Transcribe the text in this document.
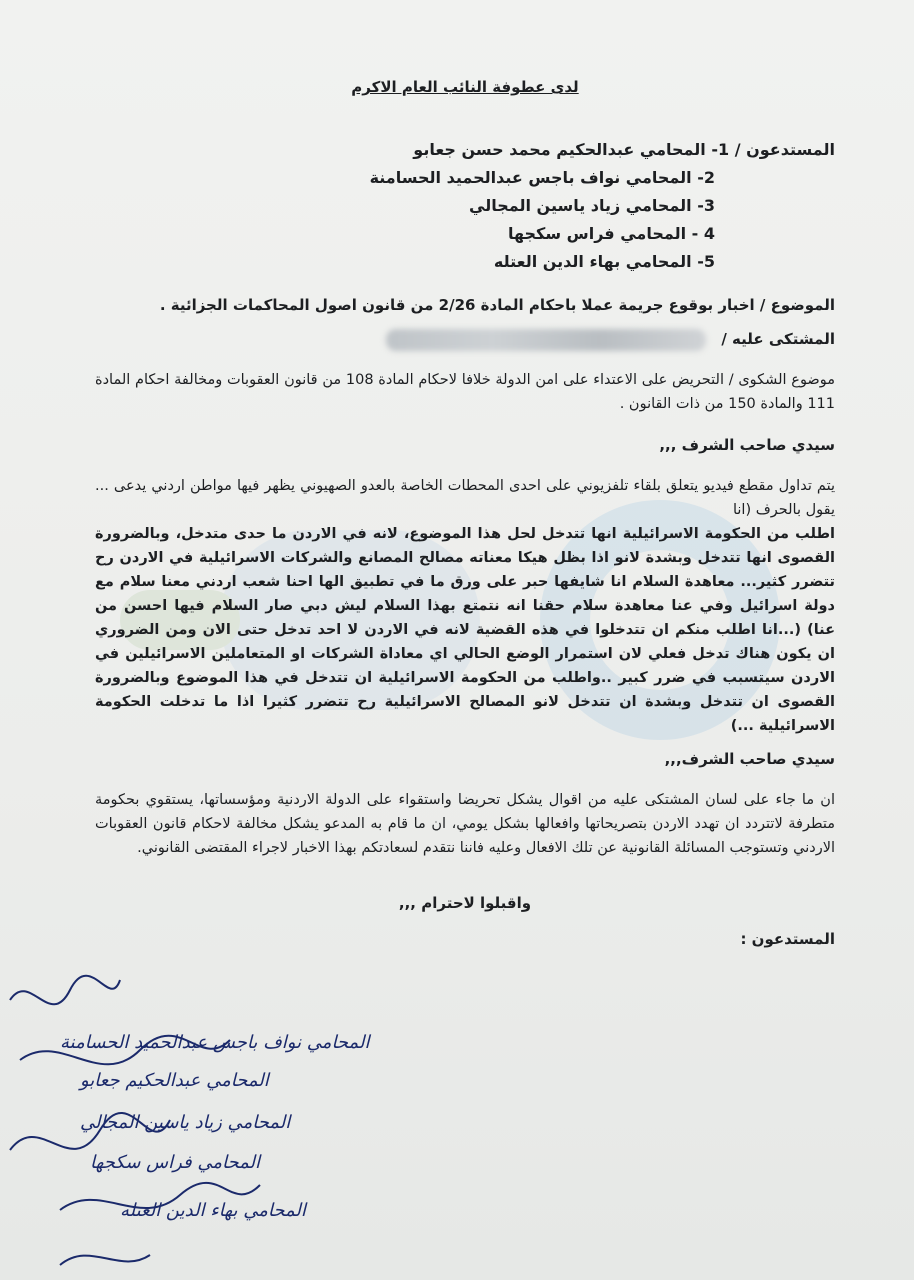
لدى عطوفة النائب العام الاكرم
المستدعون / 1- المحامي عبدالحكيم محمد حسن جعابو
2- المحامي نواف باجس عبدالحميد الحسامنة
3- المحامي زياد ياسين المجالي
4 - المحامي فراس سكجها
5- المحامي بهاء الدين العتله
الموضوع / اخبار بوقوع جريمة عملا باحكام المادة 2/26 من قانون اصول المحاكمات الجزائية .
المشتكى عليه /
موضوع الشكوى / التحريض على الاعتداء على امن الدولة خلافا لاحكام المادة 108 من قانون العقوبات ومخالفة احكام المادة 111 والمادة 150 من ذات القانون .
سيدي صاحب الشرف ,,,
يتم تداول مقطع فيديو يتعلق بلقاء تلفزيوني على احدى المحطات الخاصة بالعدو الصهيوني يظهر فيها مواطن اردني يدعى ... يقول بالحرف (انا
اطلب من الحكومة الاسرائيلية انها تتدخل لحل هذا الموضوع، لانه في الاردن ما حدى متدخل، وبالضرورة القصوى انها تتدخل وبشدة لانو اذا بظل هيكا معناته مصالح المصانع والشركات الاسرائيلية في الاردن رح تتضرر كثير... معاهدة السلام انا شايفها حبر على ورق ما في تطبيق الها احنا شعب اردني معنا سلام مع دولة اسرائيل وفي عنا معاهدة سلام حقنا انه نتمتع بهذا السلام ليش دبي صار السلام فيها احسن من عنا) (...انا اطلب منكم ان تتدخلوا في هذه القضية لانه في الاردن لا احد تدخل حتى الان ومن الضروري ان يكون هناك تدخل فعلي لان استمرار الوضع الحالي اي معاداة الشركات او المتعاملين الاسرائيلين في الاردن سيتسبب في ضرر كبير ..واطلب من الحكومة الاسرائيلية ان تتدخل في هذا الموضوع وبالضرورة القصوى ان تتدخل وبشدة ان تتدخل لانو المصالح الاسرائيلية رح تتضرر كثيرا اذا ما تدخلت الحكومة الاسرائيلية ...)
سيدي صاحب الشرف,,,
ان ما جاء على لسان المشتكى عليه من اقوال يشكل تحريضا واستقواء على الدولة الاردنية ومؤسساتها، يستقوي بحكومة متطرفة لاتتردد ان تهدد الاردن بتصريحاتها وافعالها بشكل يومي، ان ما قام به المدعو يشكل مخالفة لاحكام قانون العقوبات الاردني وتستوجب المسائلة القانونية عن تلك الافعال وعليه فاننا نتقدم لسعادتكم بهذا الاخبار لاجراء المقتضى القانوني.
واقبلوا لاحترام ,,,
المستدعون :
المحامي نواف باجس عبدالحميد الحسامنة
المحامي عبدالحكيم جعابو
المحامي زياد ياسين المجالي
المحامي فراس سكجها
المحامي بهاء الدين العتله
